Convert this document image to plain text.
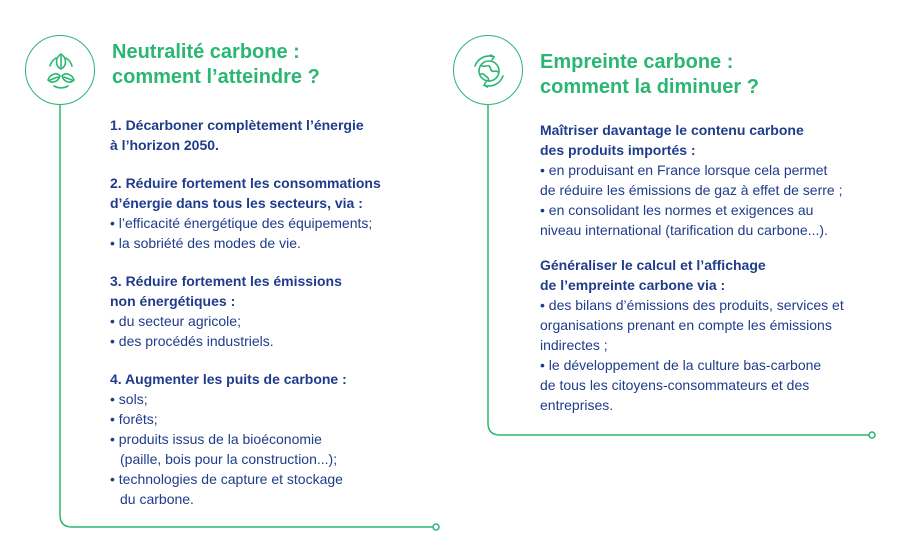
Neutralité carbone :
comment l’atteindre ?
1. Décarboner complètement l’énergie
à l’horizon 2050.
2. Réduire fortement les consommations
d’énergie dans tous les secteurs, via :
• l’efficacité énergétique des équipements;
• la sobriété des modes de vie.
3. Réduire fortement les émissions
non énergétiques :
• du secteur agricole;
• des procédés industriels.
4. Augmenter les puits de carbone :
• sols;
• forêts;
• produits issus de la bioéconomie
(paille, bois pour la construction...);
• technologies de capture et stockage
du carbone.
Empreinte carbone :
comment la diminuer ?
Maîtriser davantage le contenu carbone
des produits importés :
• en produisant en France lorsque cela permet
de réduire les émissions de gaz à effet de serre ;
• en consolidant les normes et exigences au
niveau international (tarification du carbone...).
Généraliser le calcul et l’affichage
de l’empreinte carbone via :
• des bilans d’émissions des produits, services et
organisations prenant en compte les émissions
indirectes ;
• le développement de la culture bas-carbone
de tous les citoyens-consommateurs et des
entreprises.
